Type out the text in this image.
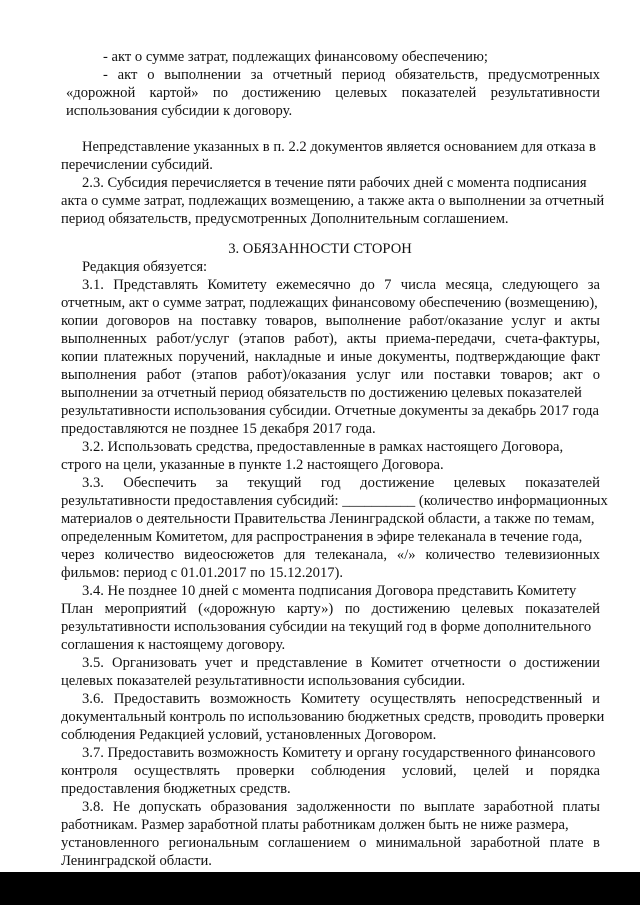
- акт о сумме затрат, подлежащих финансовому обеспечению;
- акт о выполнении за отчетный период обязательств, предусмотренных
«дорожной картой» по достижению целевых показателей результативности
использования субсидии к договору.
Непредставление указанных в п. 2.2 документов является основанием для отказа в
перечислении субсидий.
2.3. Субсидия перечисляется в течение пяти рабочих дней с момента подписания
акта о сумме затрат, подлежащих возмещению, а также акта о выполнении за отчетный
период обязательств, предусмотренных Дополнительным соглашением.
3. ОБЯЗАННОСТИ СТОРОН
Редакция обязуется:
3.1. Представлять Комитету ежемесячно до 7 числа месяца, следующего за
отчетным, акт о сумме затрат, подлежащих финансовому обеспечению (возмещению),
копии договоров на поставку товаров, выполнение работ/оказание услуг и акты
выполненных работ/услуг (этапов работ), акты приема-передачи, счета-фактуры,
копии платежных поручений, накладные и иные документы, подтверждающие факт
выполнения работ (этапов работ)/оказания услуг или поставки товаров; акт о
выполнении за отчетный период обязательств по достижению целевых показателей
результативности использования субсидии. Отчетные документы за декабрь 2017 года
предоставляются не позднее 15 декабря 2017 года.
3.2. Использовать средства, предоставленные в рамках настоящего Договора,
строго на цели, указанные в пункте 1.2 настоящего Договора.
3.3. Обеспечить за текущий год достижение целевых показателей
результативности предоставления субсидий: __________ (количество информационных
материалов о деятельности Правительства Ленинградской области, а также по темам,
определенным Комитетом, для распространения в эфире телеканала в течение года,
через количество видеосюжетов для телеканала, «/» количество телевизионных
фильмов: период с 01.01.2017 по 15.12.2017).
3.4. Не позднее 10 дней с момента подписания Договора представить Комитету
План мероприятий («дорожную карту») по достижению целевых показателей
результативности использования субсидии на текущий год в форме дополнительного
соглашения к настоящему договору.
3.5. Организовать учет и представление в Комитет отчетности о достижении
целевых показателей результативности использования субсидии.
3.6. Предоставить возможность Комитету осуществлять непосредственный и
документальный контроль по использованию бюджетных средств, проводить проверки
соблюдения Редакцией условий, установленных Договором.
3.7. Предоставить возможность Комитету и органу государственного финансового
контроля осуществлять проверки соблюдения условий, целей и порядка
предоставления бюджетных средств.
3.8. Не допускать образования задолженности по выплате заработной платы
работникам. Размер заработной платы работникам должен быть не ниже размера,
установленного региональным соглашением о минимальной заработной плате в
Ленинградской области.
